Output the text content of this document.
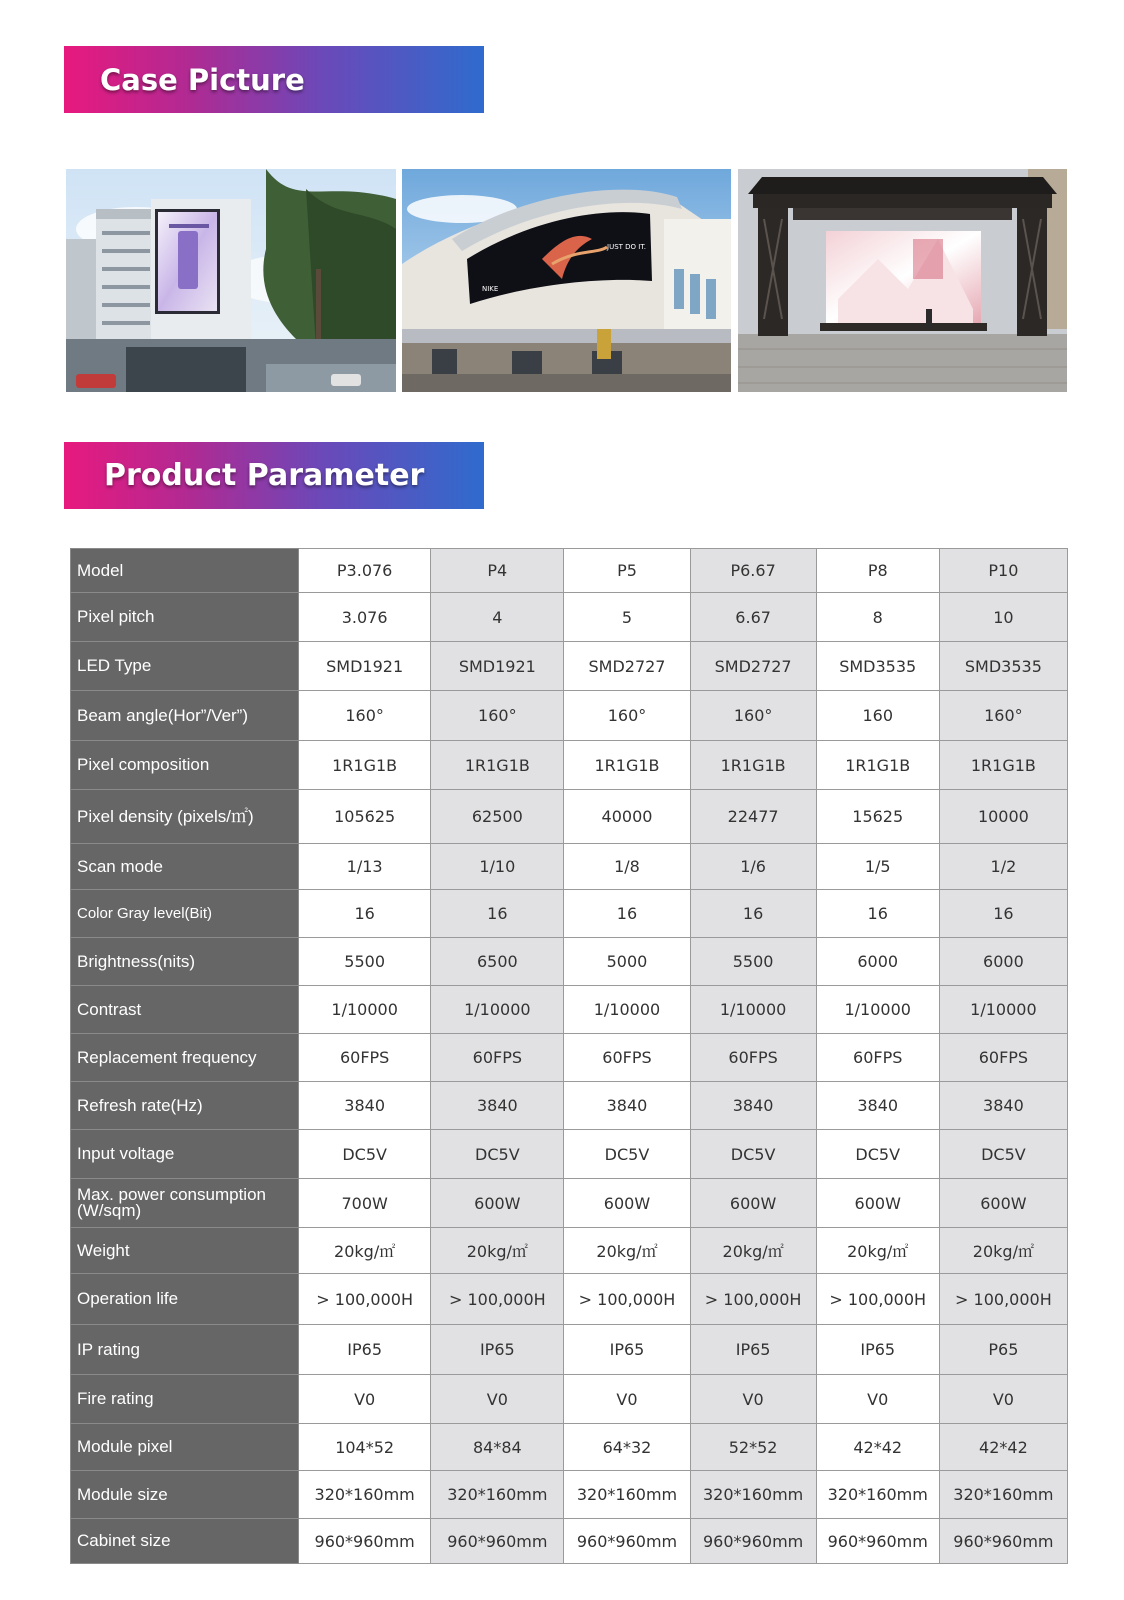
Case Picture
NIKE
JUST DO IT.
Product Parameter
Model	P3.076	P4	P5	P6.67	P8	P10
Pixel pitch	3.076	4	5	6.67	8	10
LED Type	SMD1921	SMD1921	SMD2727	SMD2727	SMD3535	SMD3535
Beam angle(Hor”/Ver”)	160°	160°	160°	160°	160	160°
Pixel composition	1R1G1B	1R1G1B	1R1G1B	1R1G1B	1R1G1B	1R1G1B
Pixel density (pixels/㎡)	105625	62500	40000	22477	15625	10000
Scan mode	1/13	1/10	1/8	1/6	1/5	1/2
Color Gray level(Bit)	16	16	16	16	16	16
Brightness(nits)	5500	6500	5000	5500	6000	6000
Contrast	1/10000	1/10000	1/10000	1/10000	1/10000	1/10000
Replacement frequency	60FPS	60FPS	60FPS	60FPS	60FPS	60FPS
Refresh rate(Hz)	3840	3840	3840	3840	3840	3840
Input voltage	DC5V	DC5V	DC5V	DC5V	DC5V	DC5V
Max. power consumption (W/sqm)	700W	600W	600W	600W	600W	600W
Weight	20kg/㎡	20kg/㎡	20kg/㎡	20kg/㎡	20kg/㎡	20kg/㎡
Operation life	> 100,000H	> 100,000H	> 100,000H	> 100,000H	> 100,000H	> 100,000H
IP rating	IP65	IP65	IP65	IP65	IP65	P65
Fire rating	V0	V0	V0	V0	V0	V0
Module pixel	104*52	84*84	64*32	52*52	42*42	42*42
Module size	320*160mm	320*160mm	320*160mm	320*160mm	320*160mm	320*160mm
Cabinet size	960*960mm	960*960mm	960*960mm	960*960mm	960*960mm	960*960mm
